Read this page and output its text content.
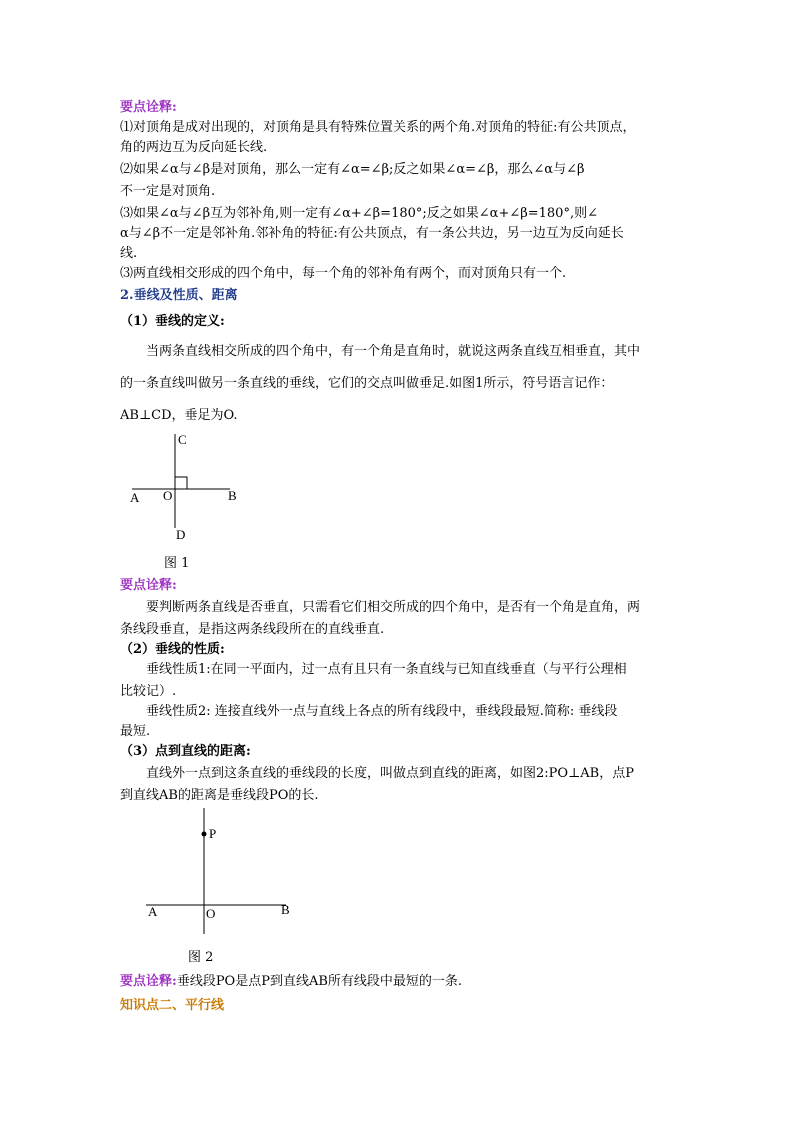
要点诠释:
⑴对顶角是成对出现的，对顶角是具有特殊位置关系的两个角.对顶角的特征:有公共顶点，
角的两边互为反向延长线.
⑵如果∠α与∠β是对顶角，那么一定有∠α=∠β;反之如果∠α=∠β，那么∠α与∠β
不一定是对顶角.
⑶如果∠α与∠β互为邻补角,则一定有∠α+∠β=180°;反之如果∠α+∠β=180°,则∠
α与∠β不一定是邻补角.邻补角的特征:有公共顶点，有一条公共边，另一边互为反向延长
线.
⑶两直线相交形成的四个角中，每一个角的邻补角有两个，而对顶角只有一个.
2.垂线及性质、距离
（1）垂线的定义:
当两条直线相交所成的四个角中，有一个角是直角时，就说这两条直线互相垂直，其中
的一条直线叫做另一条直线的垂线，它们的交点叫做垂足.如图1所示，符号语言记作：
AB⊥CD，垂足为O.
A	B
C
D
O
图 1
要点诠释:
要判断两条直线是否垂直，只需看它们相交所成的四个角中，是否有一个角是直角，两
条线段垂直，是指这两条线段所在的直线垂直.
（2）垂线的性质:
垂线性质1:在同一平面内，过一点有且只有一条直线与已知直线垂直（与平行公理相
比较记）.
垂线性质2: 连接直线外一点与直线上各点的所有线段中，垂线段最短.简称: 垂线段
最短.
（3）点到直线的距离:
直线外一点到这条直线的垂线段的长度，叫做点到直线的距离，如图2:PO⊥AB，点P
到直线AB的距离是垂线段PO的长.
A	B
O
P
图 2
要点诠释:垂线段PO是点P到直线AB所有线段中最短的一条.
知识点二、平行线
